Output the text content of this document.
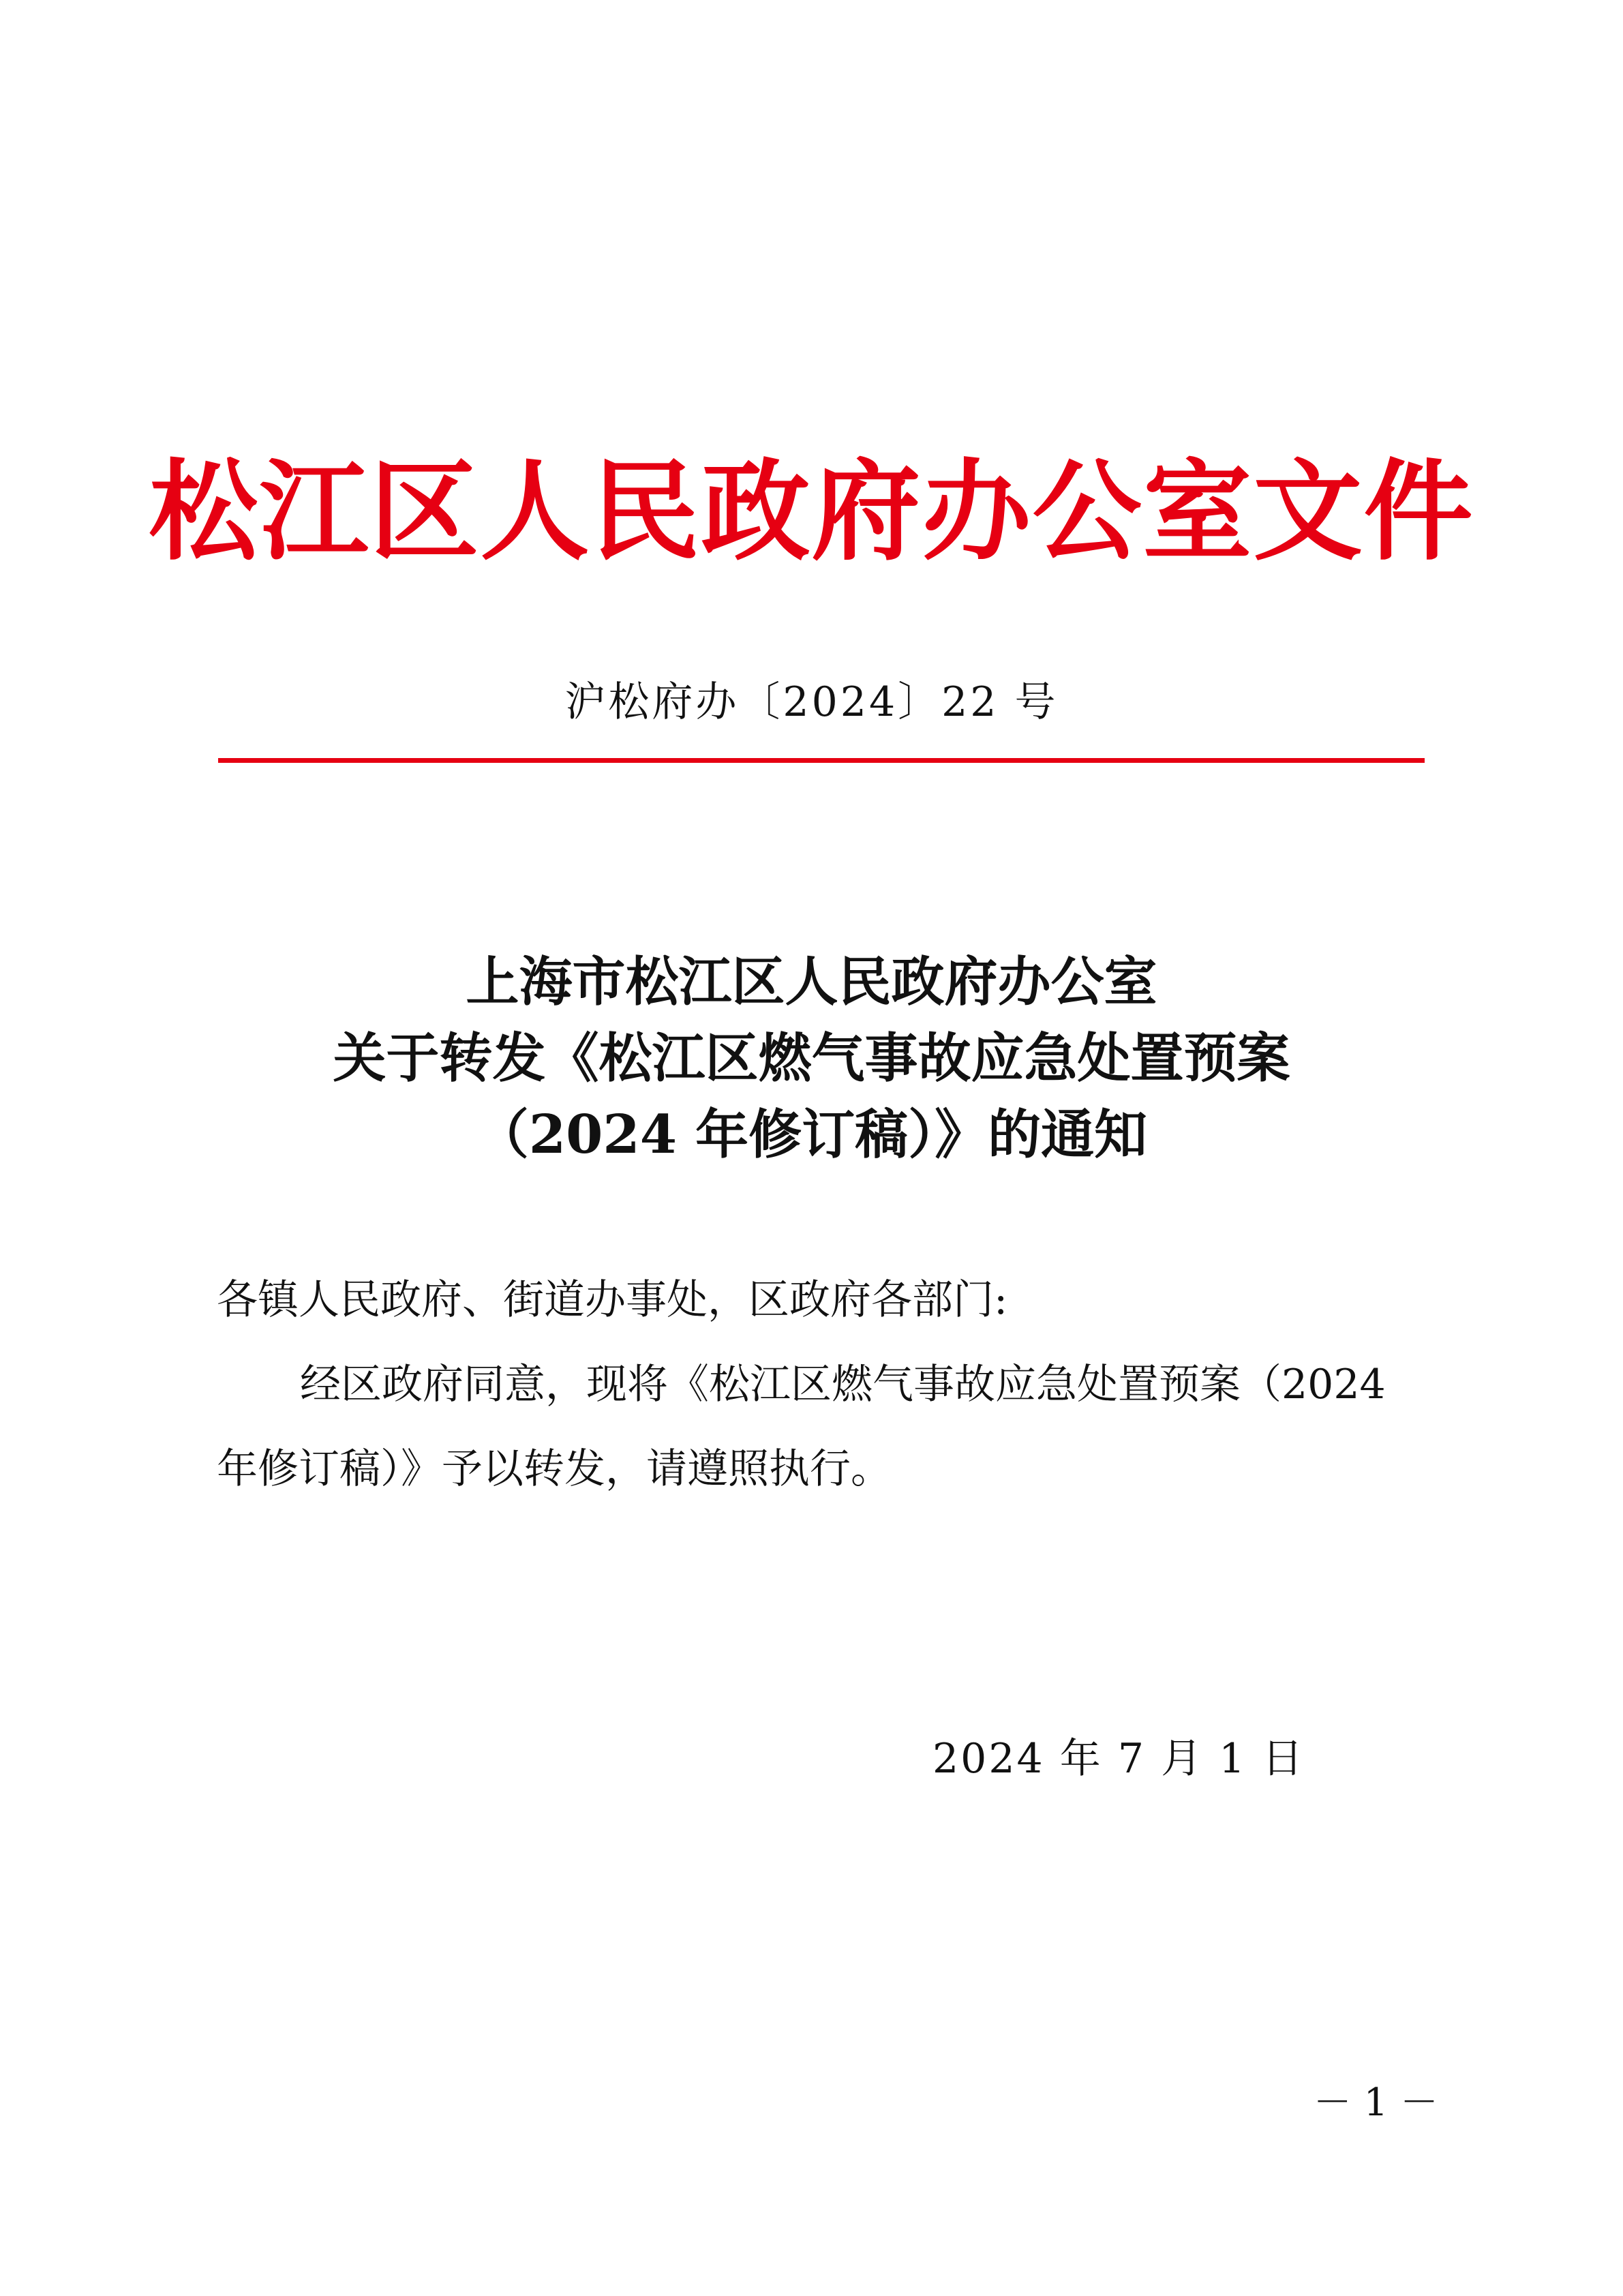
松江区人民政府办公室文件
沪松府办〔2024〕22 号
上海市松江区人民政府办公室
关于转发《松江区燃气事故应急处置预案
（2024 年修订稿）》的通知
各镇人民政府、街道办事处，区政府各部门:
经区政府同意，现将《松江区燃气事故应急处置预案（2024
年修订稿）》予以转发，请遵照执行。
2024 年 7 月 1 日
－ 1 －
